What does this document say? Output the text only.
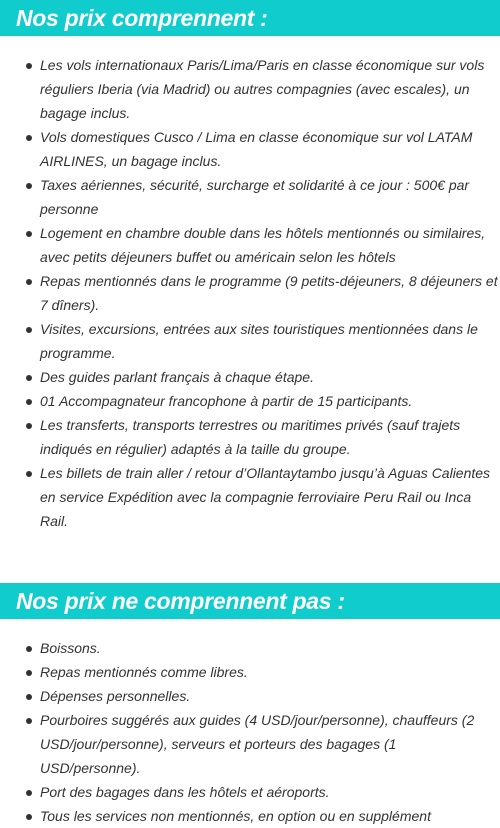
Nos prix comprennent :
Les vols internationaux Paris/Lima/Paris en classe économique sur vols réguliers Iberia (via Madrid) ou autres compagnies (avec escales), un bagage inclus.
Vols domestiques Cusco / Lima en classe économique sur vol LATAM AIRLINES, un bagage inclus.
Taxes aériennes, sécurité, surcharge et solidarité à ce jour : 500€ par personne
Logement en chambre double dans les hôtels mentionnés ou similaires, avec petits déjeuners buffet ou américain selon les hôtels
Repas mentionnés dans le programme (9 petits-déjeuners, 8 déjeuners et 7 dîners).
Visites, excursions, entrées aux sites touristiques mentionnées dans le programme.
Des guides parlant français à chaque étape.
01 Accompagnateur francophone à partir de 15 participants.
Les transferts, transports terrestres ou maritimes privés (sauf trajets indiqués en régulier) adaptés à la taille du groupe.
Les billets de train aller / retour d’Ollantaytambo jusqu’à Aguas Calientes en service Expédition avec la compagnie ferroviaire Peru Rail ou Inca Rail.
Nos prix ne comprennent pas :
Boissons.
Repas mentionnés comme libres.
Dépenses personnelles.
Pourboires suggérés aux guides (4 USD/jour/personne), chauffeurs (2 USD/jour/personne), serveurs et porteurs des bagages (1 USD/personne).
Port des bagages dans les hôtels et aéroports.
Tous les services non mentionnés, en option ou en supplément
